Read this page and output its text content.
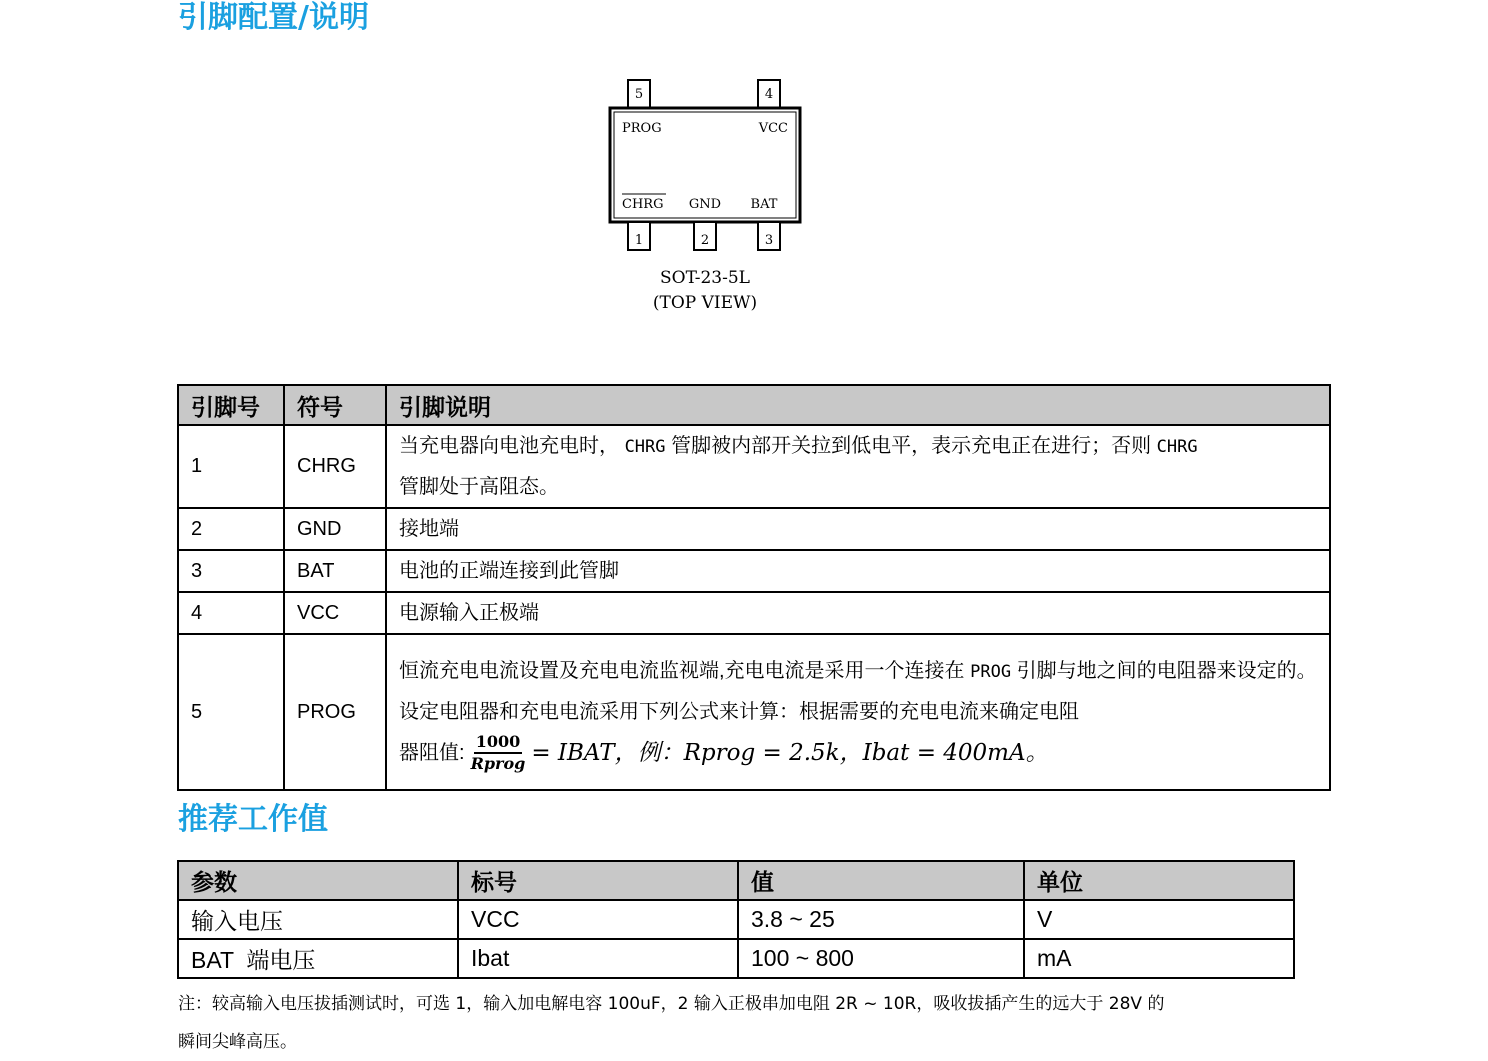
引脚配置/说明
5	4
PROG	VCC
CHRG GND BAT
1	2	3
SOT-23-5L
(TOP VIEW)
引脚号	符号	引脚说明
1	CHRG	当充电器向电池充电时， CHRG 管脚被内部开关拉到低电平，表示充电正在进行；否则 CHRG
管脚处于高阻态。
2	GND	接地端
3	BAT	电池的正端连接到此管脚
4	VCC	电源输入正极端
5	PROG	恒流充电电流设置及充电电流监视端,充电电流是采用一个连接在 PROG 引脚与地之间的电阻器来设定的。设定电阻器和充电电流采用下列公式来计算：根据需要的充电电流来确定电阻

器阻值: $\frac{1000}{\text{Rprog}}$ = IBAT，例：Rprog = 2.5k，Ibat = 400mA。
推荐工作值
参数	标号	值	单位
输入电压	VCC	3.8 ~ 25	V
BAT  端电压	Ibat	100 ~ 800	mA
注：较高输入电压拔插测试时，可选 1，输入加电解电容 100uF，2 输入正极串加电阻 2R ~ 10R，吸收拔插产生的远大于 28V 的
瞬间尖峰高压。
